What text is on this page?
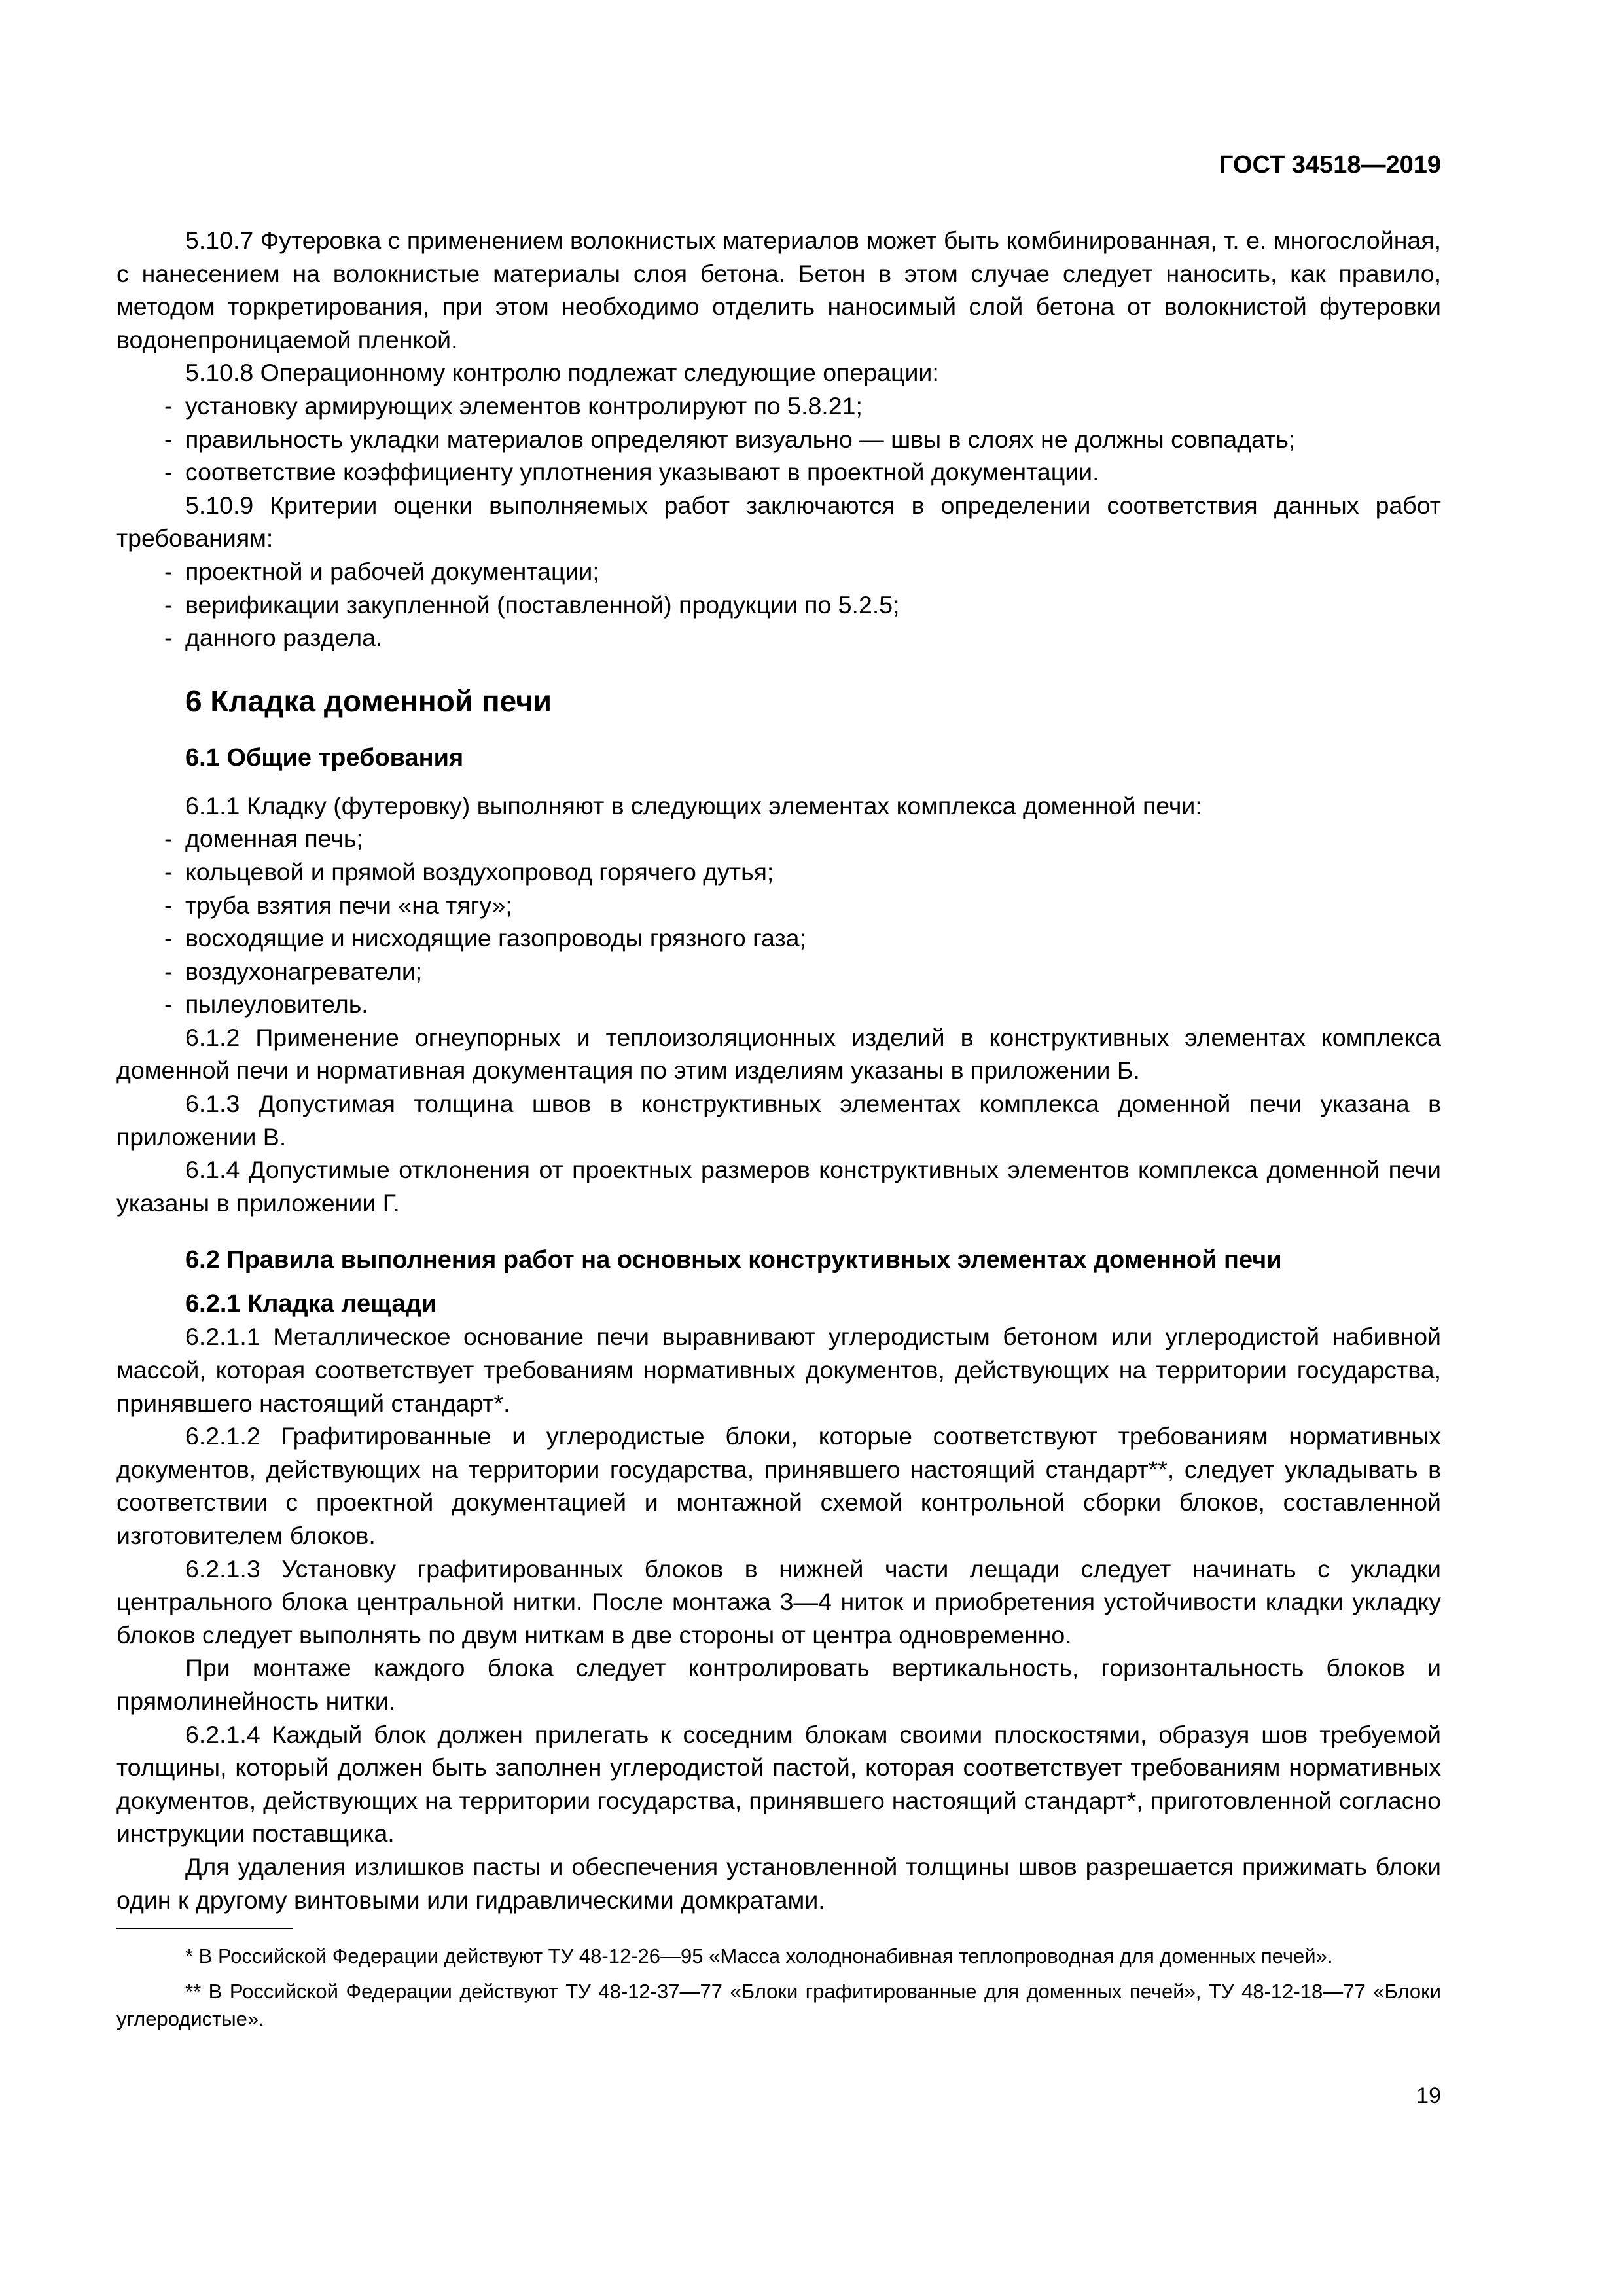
ГОСТ 34518—2019

5.10.7 Футеровка с применением волокнистых материалов может быть комбинированная, т. е. многослойная, с нанесением на волокнистые материалы слоя бетона. Бетон в этом случае следует наносить, как правило, методом торкретирования, при этом необходимо отделить наносимый слой бетона от волокнистой футеровки водонепроницаемой пленкой.

5.10.8 Операционному контролю подлежат следующие операции:

- установку армирующих элементов контролируют по 5.8.21;

- правильность укладки материалов определяют визуально — швы в слоях не должны совпадать;

- соответствие коэффициенту уплотнения указывают в проектной документации.

5.10.9 Критерии оценки выполняемых работ заключаются в определении соответствия данных работ требованиям:

- проектной и рабочей документации;

- верификации закупленной (поставленной) продукции по 5.2.5;

- данного раздела.

6 Кладка доменной печи
6.1 Общие требования

6.1.1 Кладку (футеровку) выполняют в следующих элементах комплекса доменной печи:

- доменная печь;

- кольцевой и прямой воздухопровод горячего дутья;

- труба взятия печи «на тягу»;

- восходящие и нисходящие газопроводы грязного газа;

- воздухонагреватели;

- пылеуловитель.

6.1.2 Применение огнеупорных и теплоизоляционных изделий в конструктивных элементах комплекса доменной печи и нормативная документация по этим изделиям указаны в приложении Б.

6.1.3 Допустимая толщина швов в конструктивных элементах комплекса доменной печи указана в приложении В.

6.1.4 Допустимые отклонения от проектных размеров конструктивных элементов комплекса доменной печи указаны в приложении Г.

6.2 Правила выполнения работ на основных конструктивных элементах доменной печи
6.2.1 Кладка лещади

6.2.1.1 Металлическое основание печи выравнивают углеродистым бетоном или углеродистой набивной массой, которая соответствует требованиям нормативных документов, действующих на территории государства, принявшего настоящий стандарт*.

6.2.1.2 Графитированные и углеродистые блоки, которые соответствуют требованиям нормативных документов, действующих на территории государства, принявшего настоящий стандарт**, следует укладывать в соответствии с проектной документацией и монтажной схемой контрольной сборки блоков, составленной изготовителем блоков.

6.2.1.3 Установку графитированных блоков в нижней части лещади следует начинать с укладки центрального блока центральной нитки. После монтажа 3—4 ниток и приобретения устойчивости кладки укладку блоков следует выполнять по двум ниткам в две стороны от центра одновременно.

При монтаже каждого блока следует контролировать вертикальность, горизонтальность блоков и прямолинейность нитки.

6.2.1.4 Каждый блок должен прилегать к соседним блокам своими плоскостями, образуя шов требуемой толщины, который должен быть заполнен углеродистой пастой, которая соответствует требованиям нормативных документов, действующих на территории государства, принявшего настоящий стандарт*, приготовленной согласно инструкции поставщика.

Для удаления излишков пасты и обеспечения установленной толщины швов разрешается прижимать блоки один к другому винтовыми или гидравлическими домкратами.

* В Российской Федерации действуют ТУ 48-12-26—95 «Масса холоднонабивная теплопроводная для доменных печей».

** В Российской Федерации действуют ТУ 48-12-37—77 «Блоки графитированные для доменных печей», ТУ 48-12-18—77 «Блоки углеродистые».

19
